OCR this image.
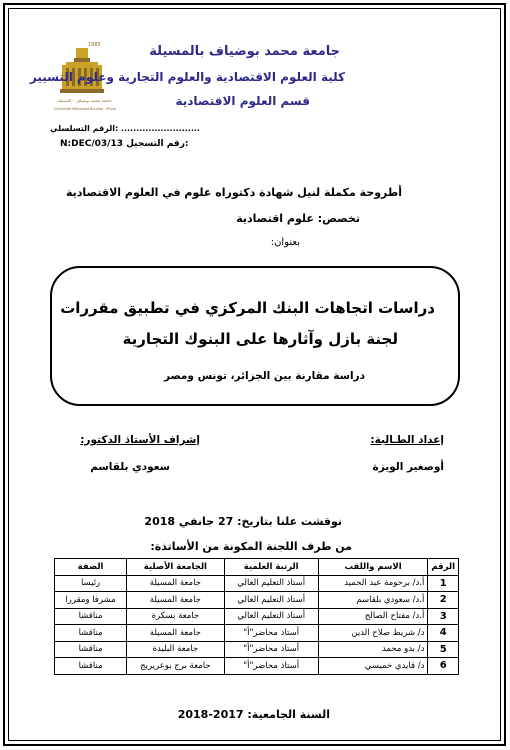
1985
جامعة محمد بوضياف - المسيلة
Université Mohamed Boudiaf - M'sila
جامعة محمد بوضياف بالمسيلة
كلية العلوم الاقتصادية والعلوم التجارية وعلوم التسيير
قسم العلوم الاقتصادية
الرقم التسلسلي: ..........................
N:DEC/03/13 رقم التسجيل:
أطروحة مكملة لنيل شهادة دكتوراه علوم في العلوم الاقتصادية
تخصص: علوم اقتصادية
بعنوان:
دراسات اتجاهات البنك المركزي في تطبيق مقررات
لجنة بازل وآثارها على البنوك التجارية
دراسة مقارنة بين الجزائر، تونس ومصر
إعداد الطـالبة:
إشراف الأستاذ الدكتور:
أوصغير الويزة
سعودي بلقاسم
نوقشت علنا بتاريخ: 27 جانفي 2018
من طرف اللجنة المكونة من الأساتذة:
الرقم	الاسم واللقب	الرتبة العلمية	الجامعة الأصلية	الصفة
1	أ.د/ برحومة عبد الحميد	أستاذ التعليم العالي	جامعة المسيلة	رئيسا
2	أ.د/ سعودي بلقاسم	أستاذ التعليم العالي	جامعة المسيلة	مشرفا ومقررا
3	أ.د/ مفتاح الصالح	أستاذ التعليم العالي	جامعة بسكرة	مناقشا
4	د/ شريط صلاح الدين	أستاذ محاضر"أ"	جامعة المسيلة	مناقشا
5	د/ بدو محمد	أستاذ محاضر"أ"	جامعة البليدة	مناقشا
6	د/ قايدي خميسي	أستاذ محاضر"أ"	جامعة برج بوعريريج	مناقشا
السنة الجامعية: 2017-2018
